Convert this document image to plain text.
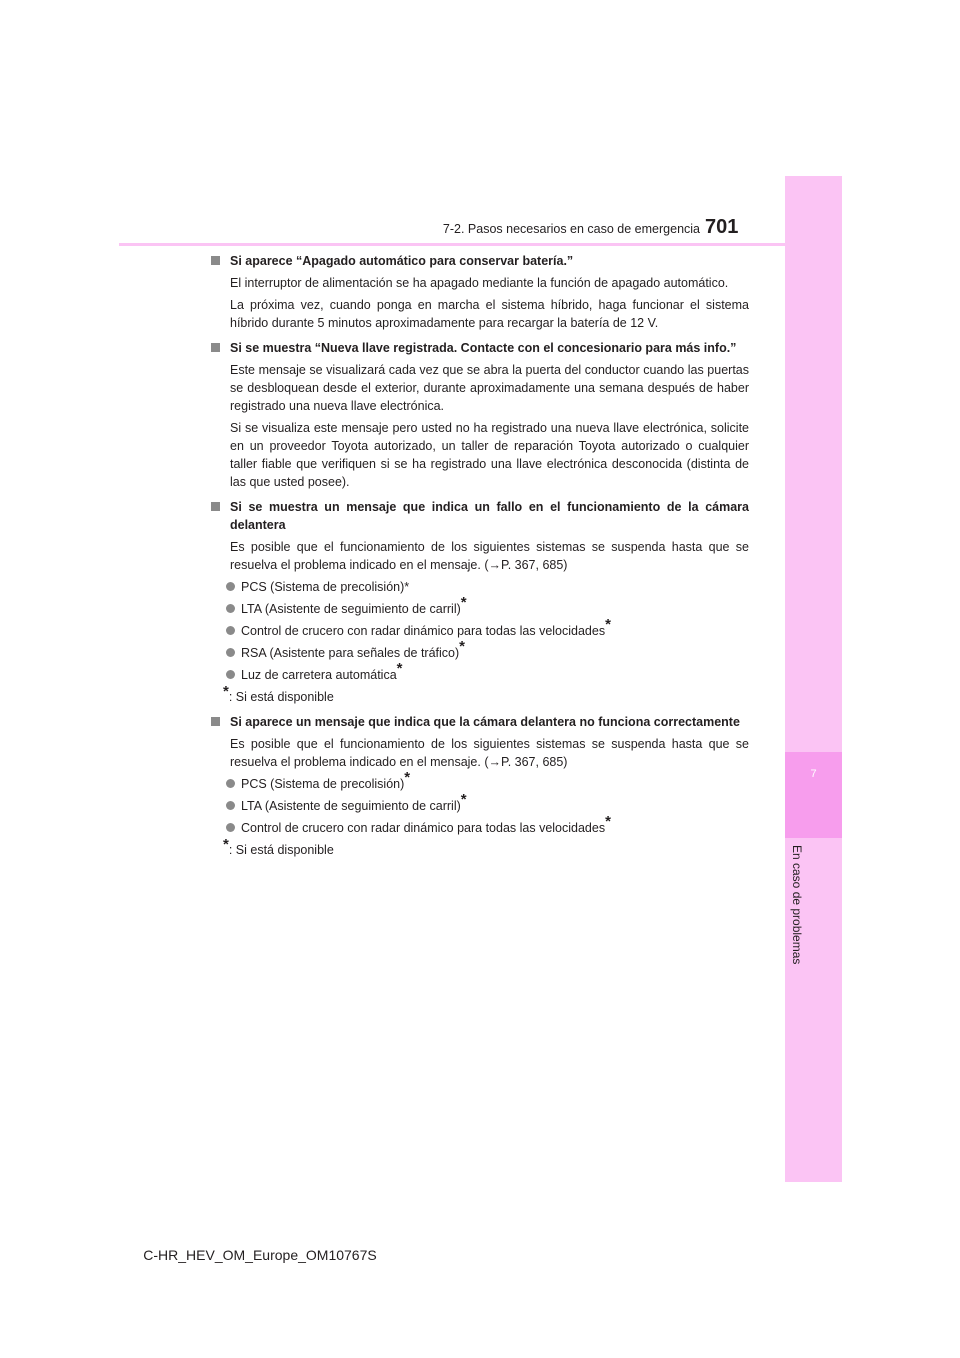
7
En caso de problemas
7-2. Pasos necesarios en caso de emergencia 701
Si aparece “Apagado automático para conservar batería.”

El interruptor de alimentación se ha apagado mediante la función de apagado automático.

La próxima vez, cuando ponga en marcha el sistema híbrido, haga funcionar el sistema híbrido durante 5 minutos aproximadamente para recargar la batería de 12 V.

Si se muestra “Nueva llave registrada. Contacte con el concesionario para más info.”

Este mensaje se visualizará cada vez que se abra la puerta del conductor cuando las puertas se desbloquean desde el exterior, durante aproximadamente una semana después de haber registrado una nueva llave electrónica.

Si se visualiza este mensaje pero usted no ha registrado una nueva llave electrónica, solicite en un proveedor Toyota autorizado, un taller de reparación Toyota autorizado o cualquier taller fiable que verifiquen si se ha registrado una llave electrónica desconocida (distinta de las que usted posee).

Si se muestra un mensaje que indica un fallo en el funcionamiento de la cámara delantera

Es posible que el funcionamiento de los siguientes sistemas se suspenda hasta que se resuelva el problema indicado en el mensaje. (→P. 367, 685)

PCS (Sistema de precolisión)*
LTA (Asistente de seguimiento de carril)*
Control de crucero con radar dinámico para todas las velocidades*
RSA (Asistente para señales de tráfico)*
Luz de carretera automática*

*: Si está disponible

Si aparece un mensaje que indica que la cámara delantera no funciona correctamente

Es posible que el funcionamiento de los siguientes sistemas se suspenda hasta que se resuelva el problema indicado en el mensaje. (→P. 367, 685)

PCS (Sistema de precolisión)*
LTA (Asistente de seguimiento de carril)*
Control de crucero con radar dinámico para todas las velocidades*

*: Si está disponible

C-HR_HEV_OM_Europe_OM10767S
